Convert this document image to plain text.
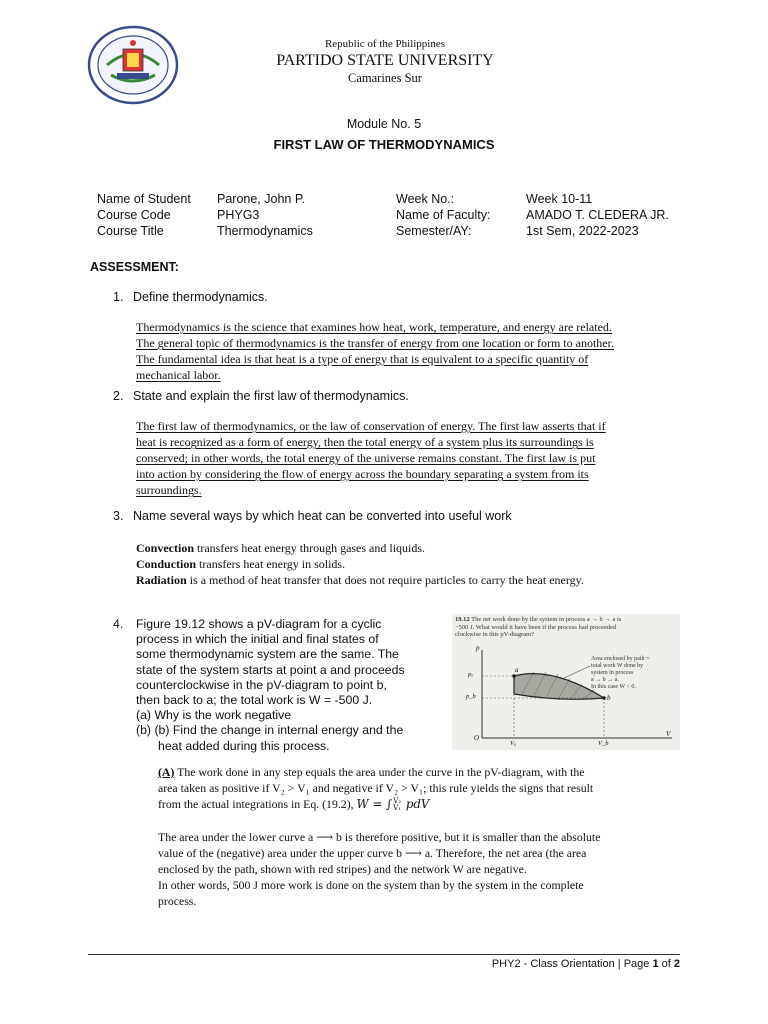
Republic of the Philippines
PARTIDO STATE UNIVERSITY
Camarines Sur
Module No. 5
FIRST LAW OF THERMODYNAMICS
Name of Student Parone, John P.	Week No.:	Week 10-11
Course Code	PHYG3	Name of Faculty:	AMADO T. CLEDERA JR.
Course Title	Thermodynamics	Semester/AY:	1st Sem, 2022-2023
ASSESSMENT:
1. Define thermodynamics.
Thermodynamics is the science that examines how heat, work, temperature, and energy are related.
The general topic of thermodynamics is the transfer of energy from one location or form to another.
The fundamental idea is that heat is a type of energy that is equivalent to a specific quantity of
mechanical labor.
2. State and explain the first law of thermodynamics.
The first law of thermodynamics, or the law of conservation of energy. The first law asserts that if
heat is recognized as a form of energy, then the total energy of a system plus its surroundings is
conserved; in other words, the total energy of the universe remains constant. The first law is put
into action by considering the flow of energy across the boundary separating a system from its
surroundings.
3. Name several ways by which heat can be converted into useful work
Convection transfers heat energy through gases and liquids.
Conduction transfers heat energy in solids.
Radiation is a method of heat transfer that does not require particles to carry the heat energy.
4. Figure 19.12 shows a pV-diagram for a cyclic
process in which the initial and final states of
some thermodynamic system are the same. The
state of the system starts at point a and proceeds
counterclockwise in the pV-diagram to point b,
then back to a; the total work is W = -500 J.
(a) Why is the work negative
(b) (b) Find the change in internal energy and the
heat added during this process.
19.12 The net work done by the system in process a → b → a is
−500 J. What would it have been if the process had proceeded
clockwise in this pV-diagram?
p
V
O
pₐ
p_b
Vₐ	V_b
a
b
Area enclosed by path =
total work W done by
system in process
a → b → a.
In this case W < 0.
(A) The work done in any step equals the area under the curve in the pV-diagram, with the
area taken as positive if V₂ > V₁ and negative if V₂ > V₁; this rule yields the signs that result
from the actual integrations in Eq. (19.2), W = ∫ V₂
V₁ pdV
The area under the lower curve a ⟶ b is therefore positive, but it is smaller than the absolute
value of the (negative) area under the upper curve b ⟶ a. Therefore, the net area (the area
enclosed by the path, shown with red stripes) and the network W are negative.
In other words, 500 J more work is done on the system than by the system in the complete
process.
PHY2 - Class Orientation | Page 1 of 2
